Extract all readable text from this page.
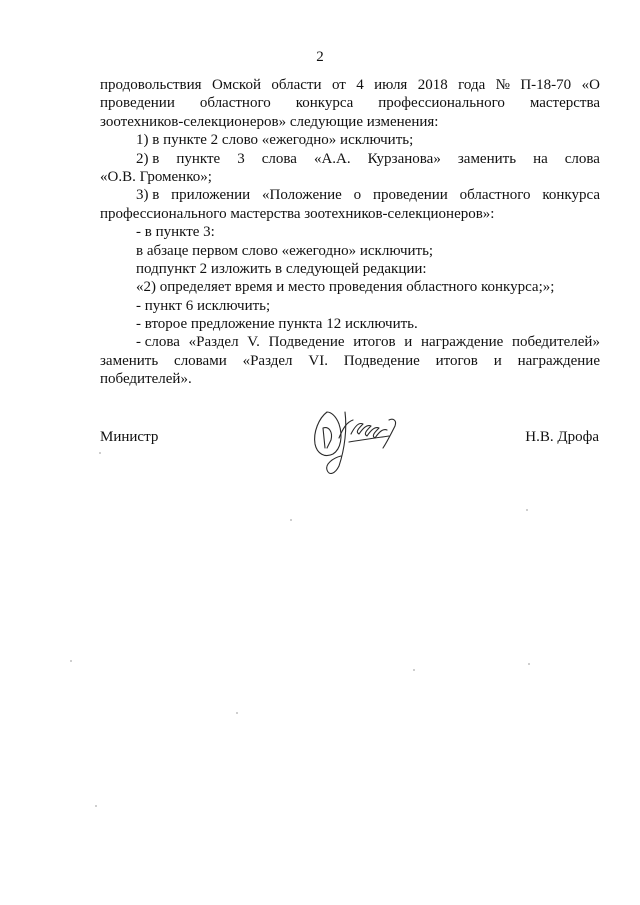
2
продовольствия Омской области от 4 июля 2018 года № П-18-70 «О
проведении областного конкурса профессионального мастерства
зоотехников-селекционеров» следующие изменения:
1) в пункте 2 слово «ежегодно» исключить;
2) в пункте 3 слова «А.А. Курзанова» заменить на слова
«О.В. Громенко»;
3) в приложении «Положение о проведении областного конкурса
профессионального мастерства зоотехников-селекционеров»:
- в пункте 3:
в абзаце первом слово «ежегодно» исключить;
подпункт 2 изложить в следующей редакции:
«2) определяет время и место проведения областного конкурса;»;
- пункт 6 исключить;
- второе предложение пункта 12 исключить.
- слова «Раздел V. Подведение итогов и награждение победителей»
заменить словами «Раздел VI. Подведение итогов и награждение
победителей».
Министр	Н.В. Дрофа
